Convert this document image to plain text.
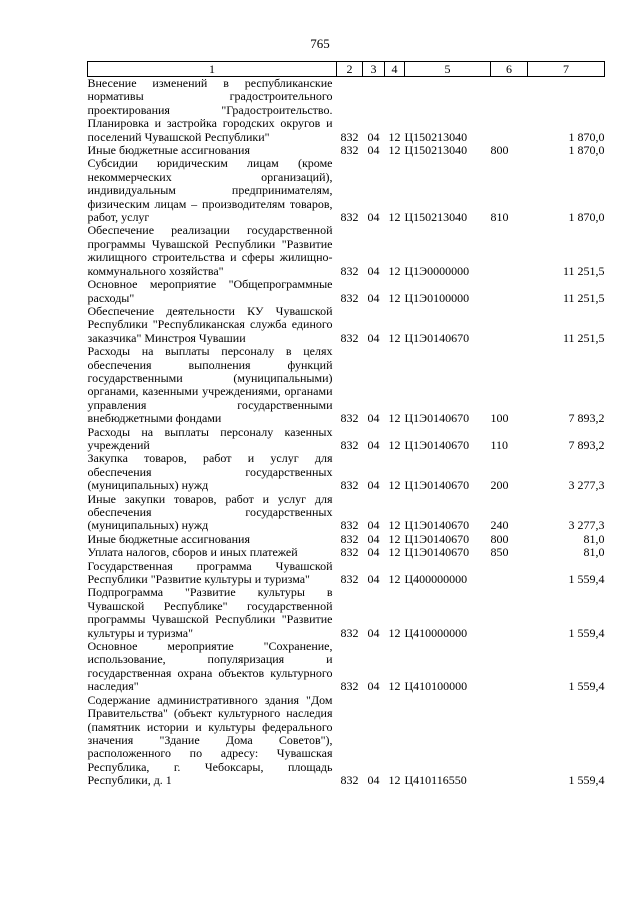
765
1	2	3	4	5	6	7
Внесение изменений в республиканские нормативы градостроительного проектирования "Градостроительство. Планировка и застройка городских округов и поселений Чувашской Республики"	832	04	12	Ц150213040		1 870,0
Иные бюджетные ассигнования	832	04	12	Ц150213040	800	1 870,0
Субсидии юридическим лицам (кроме некоммерческих организаций), индивидуальным предпринимателям, физическим лицам – производителям товаров, работ, услуг	832	04	12	Ц150213040	810	1 870,0
Обеспечение реализации государственной программы Чувашской Республики "Развитие жилищного строительства и сферы жилищно-коммунального хозяйства"	832	04	12	Ц1Э0000000		11 251,5
Основное мероприятие "Общепрограммные расходы"	832	04	12	Ц1Э0100000		11 251,5
Обеспечение деятельности КУ Чувашской Республики "Республиканская служба единого заказчика" Минстроя Чувашии	832	04	12	Ц1Э0140670		11 251,5
Расходы на выплаты персоналу в целях обеспечения выполнения функций государственными (муниципальными) органами, казенными учреждениями, органами управления государственными внебюджетными фондами	832	04	12	Ц1Э0140670	100	7 893,2
Расходы на выплаты персоналу казенных учреждений	832	04	12	Ц1Э0140670	110	7 893,2
Закупка товаров, работ и услуг для обеспечения государственных (муниципальных) нужд	832	04	12	Ц1Э0140670	200	3 277,3
Иные закупки товаров, работ и услуг для обеспечения государственных (муниципальных) нужд	832	04	12	Ц1Э0140670	240	3 277,3
Иные бюджетные ассигнования	832	04	12	Ц1Э0140670	800	81,0
Уплата налогов, сборов и иных платежей	832	04	12	Ц1Э0140670	850	81,0
Государственная программа Чувашской Республики "Развитие культуры и туризма"	832	04	12	Ц400000000		1 559,4
Подпрограмма "Развитие культуры в Чувашской Республике" государственной программы Чувашской Республики "Развитие культуры и туризма"	832	04	12	Ц410000000		1 559,4
Основное мероприятие "Сохранение, использование, популяризация и государственная охрана объектов культурного наследия"	832	04	12	Ц410100000		1 559,4
Содержание административного здания "Дом Правительства" (объект культурного наследия (памятник истории и культуры федерального значения "Здание Дома Советов"), расположенного по адресу: Чувашская Республика, г. Чебоксары, площадь Республики, д. 1	832	04	12	Ц410116550		1 559,4
